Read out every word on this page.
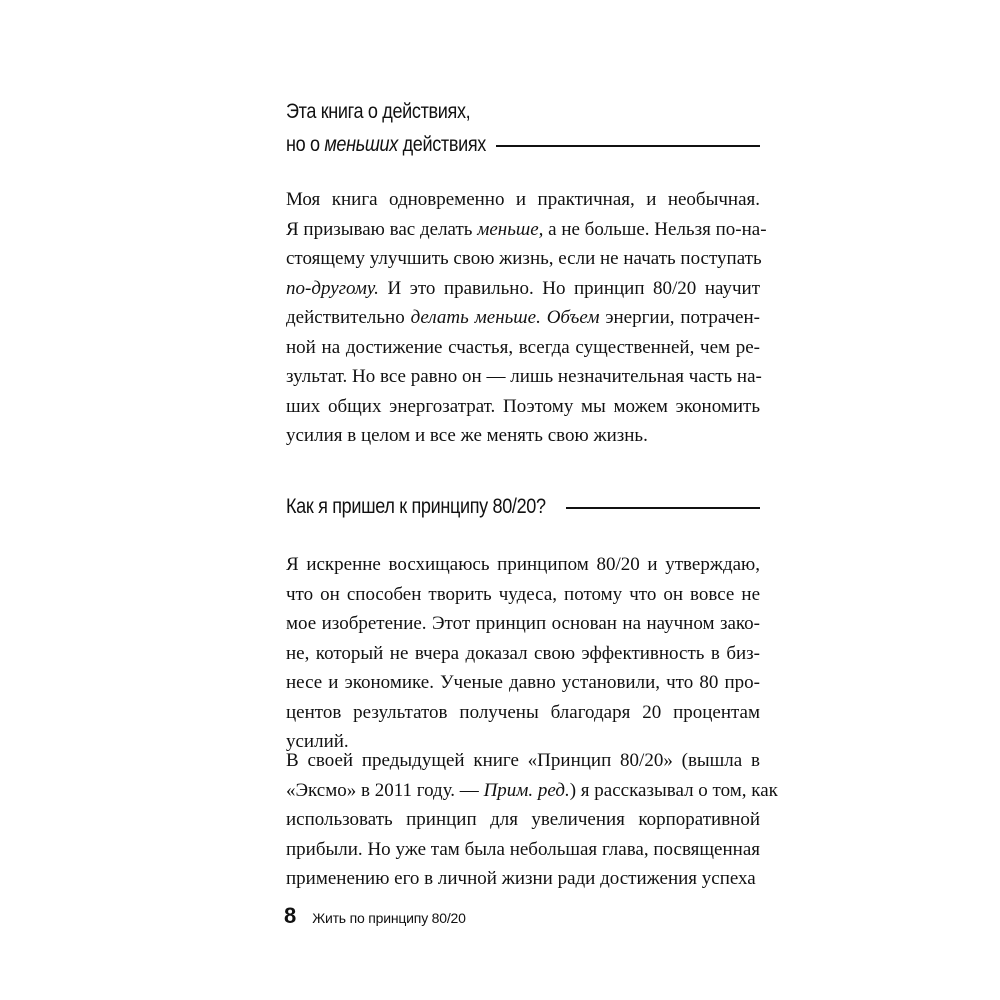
Эта книга о действиях,
но о меньших действиях
Моя книга одновременно и практичная, и необычная.
Я призываю вас делать меньше, а не больше. Нельзя по-на-
стоящему улучшить свою жизнь, если не начать поступать
по-другому. И это правильно. Но принцип 80/20 научит
действительно делать меньше. Объем энергии, потрачен-
ной на достижение счастья, всегда существенней, чем ре-
зультат. Но все равно он — лишь незначительная часть на-
ших общих энергозатрат. Поэтому мы можем экономить
усилия в целом и все же менять свою жизнь.
Как я пришел к принципу 80/20?
Я искренне восхищаюсь принципом 80/20 и утверждаю,
что он способен творить чудеса, потому что он вовсе не
мое изобретение. Этот принцип основан на научном зако-
не, который не вчера доказал свою эффективность в биз-
несе и экономике. Ученые давно установили, что 80 про-
центов результатов получены благодаря 20 процентам
усилий.
В своей предыдущей книге «Принцип 80/20» (вышла в
«Эксмо» в 2011 году. — Прим. ред.) я рассказывал о том, как
использовать принцип для увеличения корпоративной
прибыли. Но уже там была небольшая глава, посвященная
применению его в личной жизни ради достижения успеха
8 Жить по принципу 80/20
